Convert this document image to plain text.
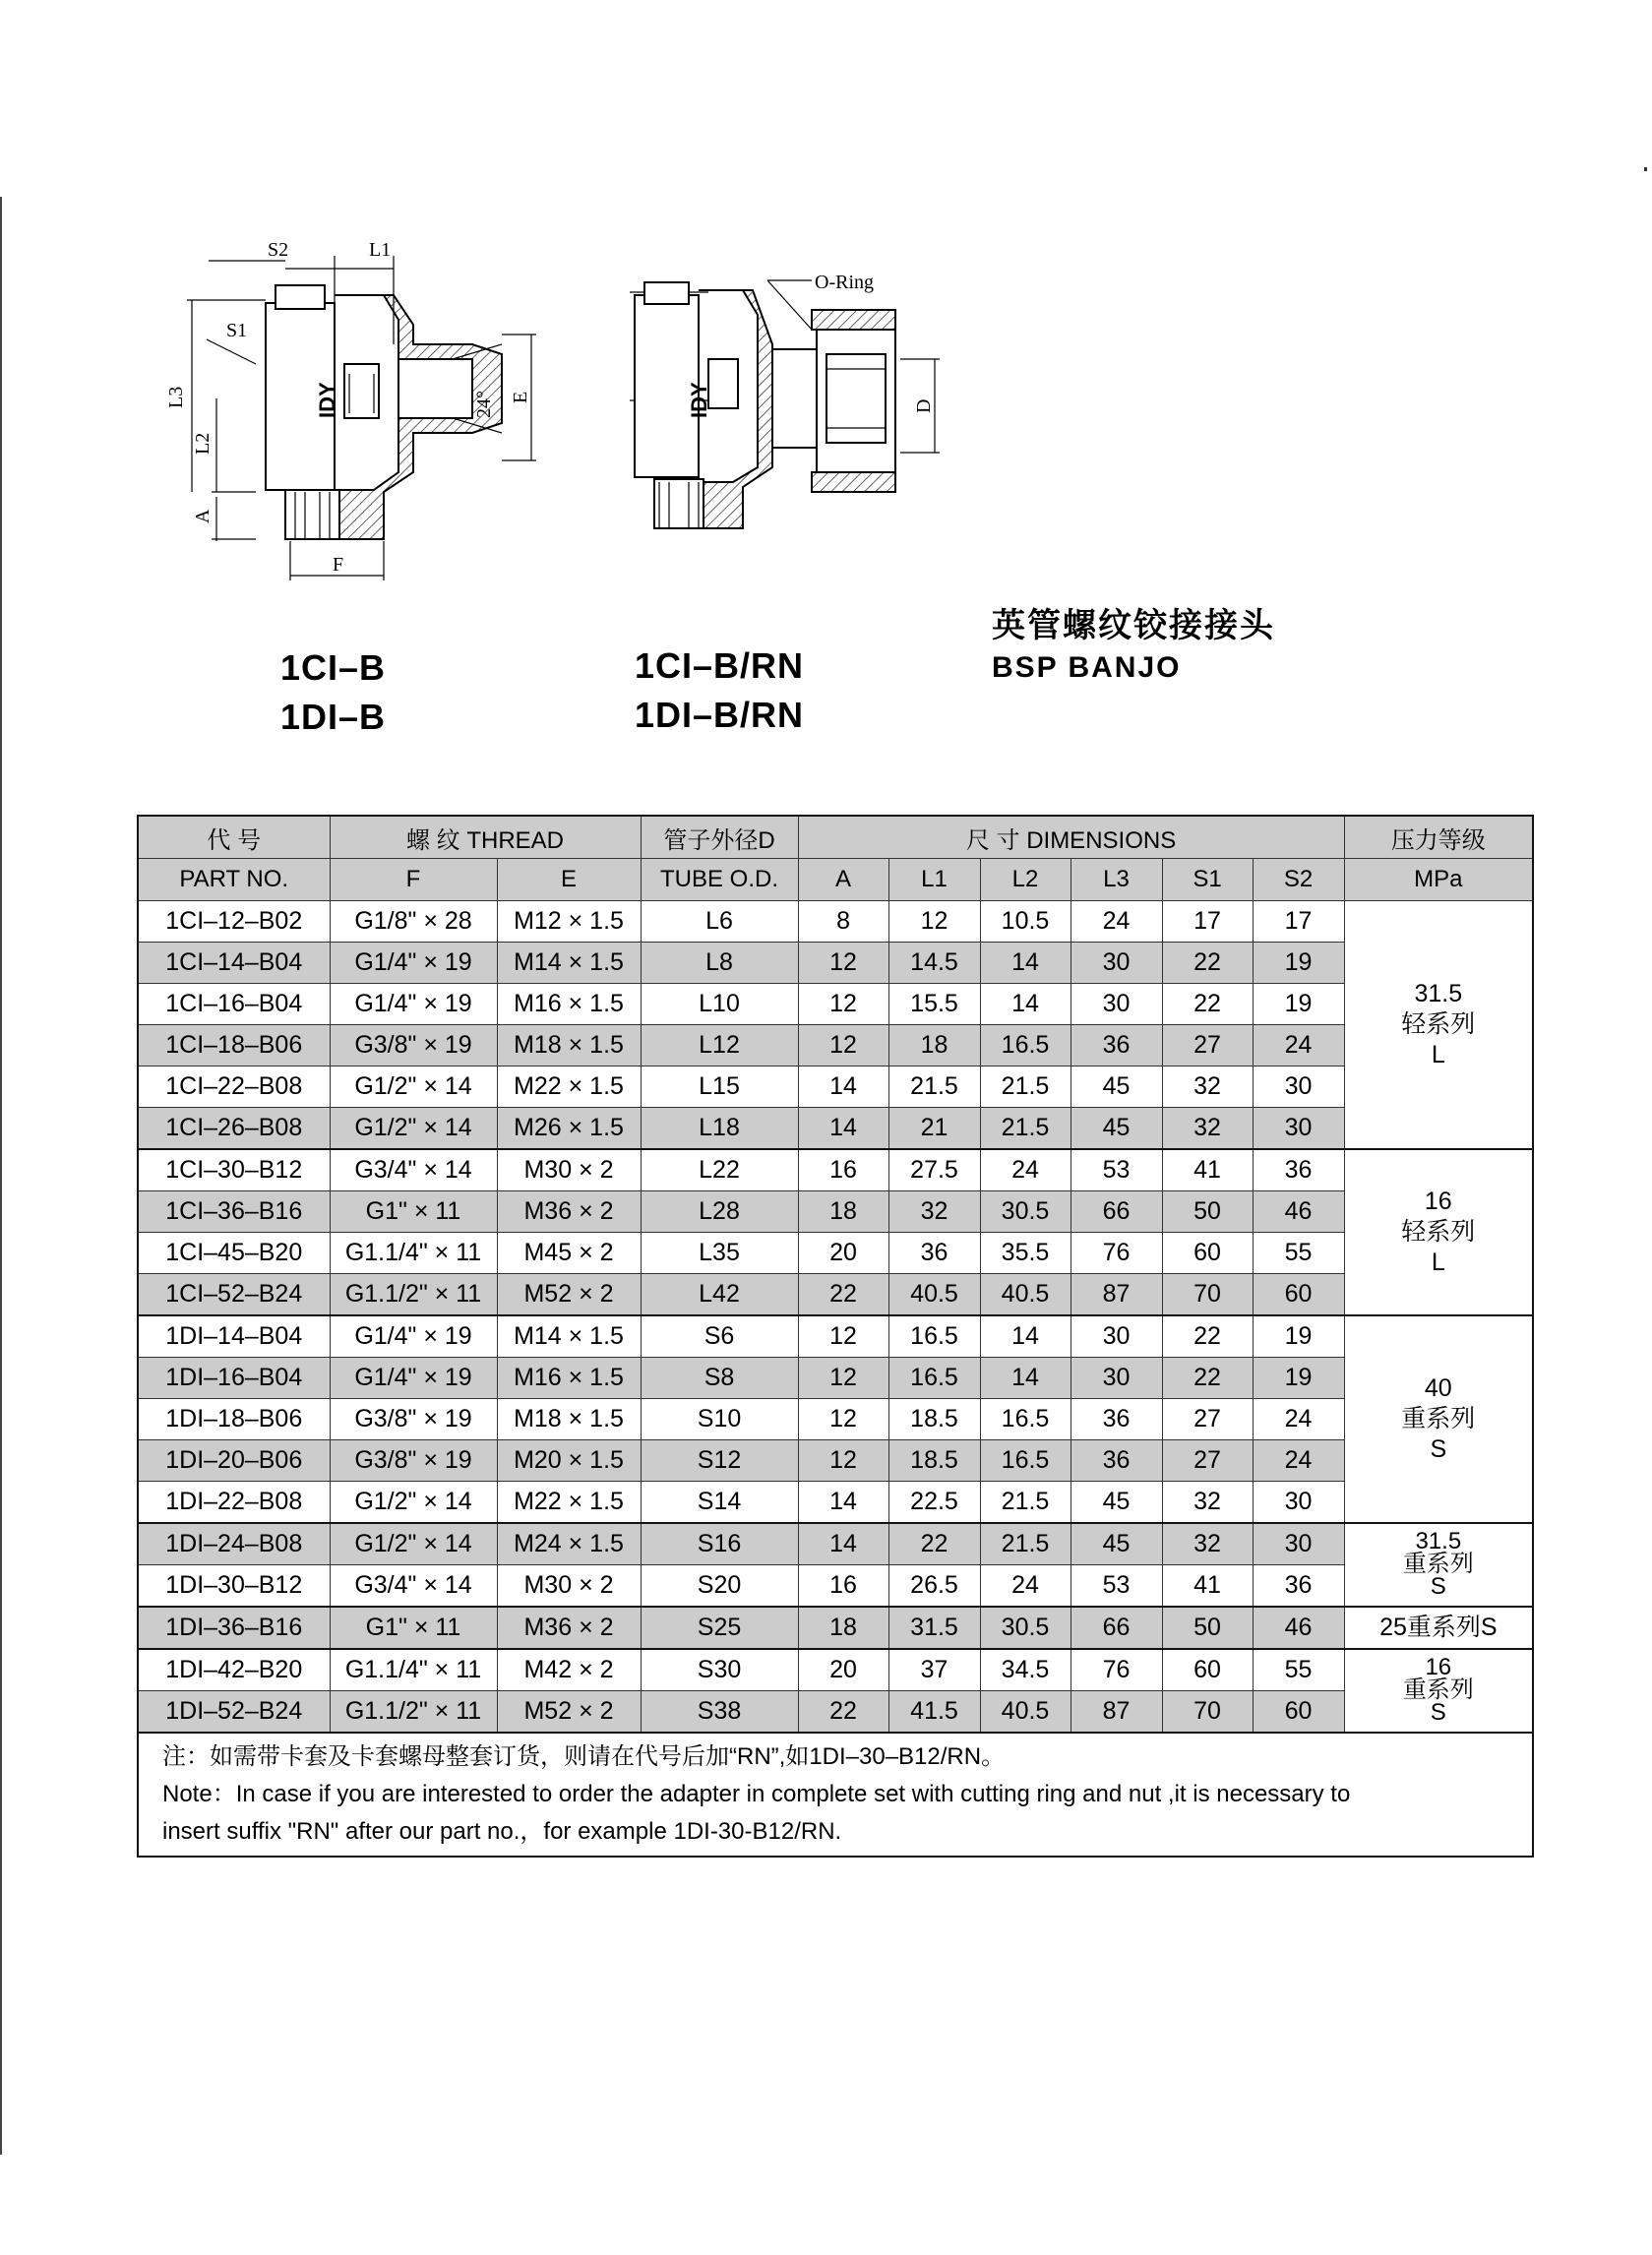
S2	L1
S1
L3
L2
A
IDY	24° E
F
O-Ring
IDY	D
1CI–B
1DI–B
1CI–B/RN
1DI–B/RN
英管螺纹铰接接头
BSP BANJO
代 号	螺 纹 THREAD		管子外径D	尺 寸 DIMENSIONS						压力等级
PART NO.	F	E	TUBE O.D.	A	L1	L2	L3	S1	S2	MPa
1CI–12–B02	G1/8" × 28	M12 × 1.5	L6	8	12	10.5	24	17	17	31.5
轻系列
L

1CI–14–B04	G1/4" × 19	M14 × 1.5	L8	12	14.5	14	30	22	19	
1CI–16–B04	G1/4" × 19	M16 × 1.5	L10	12	15.5	14	30	22	19	
1CI–18–B06	G3/8" × 19	M18 × 1.5	L12	12	18	16.5	36	27	24	
1CI–22–B08	G1/2" × 14	M22 × 1.5	L15	14	21.5	21.5	45	32	30	
1CI–26–B08	G1/2" × 14	M26 × 1.5	L18	14	21	21.5	45	32	30	
1CI–30–B12	G3/4" × 14	M30 × 2	L22	16	27.5	24	53	41	36	16
轻系列
L

1CI–36–B16	G1" × 11	M36 × 2	L28	18	32	30.5	66	50	46	
1CI–45–B20	G1.1/4" × 11	M45 × 2	L35	20	36	35.5	76	60	55	
1CI–52–B24	G1.1/2" × 11	M52 × 2	L42	22	40.5	40.5	87	70	60	
1DI–14–B04	G1/4" × 19	M14 × 1.5	S6	12	16.5	14	30	22	19	40
重系列
S

1DI–16–B04	G1/4" × 19	M16 × 1.5	S8	12	16.5	14	30	22	19	
1DI–18–B06	G3/8" × 19	M18 × 1.5	S10	12	18.5	16.5	36	27	24	
1DI–20–B06	G3/8" × 19	M20 × 1.5	S12	12	18.5	16.5	36	27	24	
1DI–22–B08	G1/2" × 14	M22 × 1.5	S14	14	22.5	21.5	45	32	30	
1DI–24–B08	G1/2" × 14	M24 × 1.5	S16	14	22	21.5	45	32	30	31.5
重系列
S

1DI–30–B12	G3/4" × 14	M30 × 2	S20	16	26.5	24	53	41	36	
1DI–36–B16	G1" × 11	M36 × 2	S25	18	31.5	30.5	66	50	46	25重系列S
1DI–42–B20	G1.1/4" × 11	M42 × 2	S30	20	37	34.5	76	60	55	16
重系列
S

1DI–52–B24	G1.1/2" × 11	M52 × 2	S38	22	41.5	40.5	87	70	60	

注：如需带卡套及卡套螺母整套订货，则请在代号后加“RN”,如1DI–30–B12/RN。
Note：In case if you are interested to order the adapter in complete set with cutting ring and nut ,it is necessary to
insert suffix "RN" after our part no.，for example 1DI-30-B12/RN.										
